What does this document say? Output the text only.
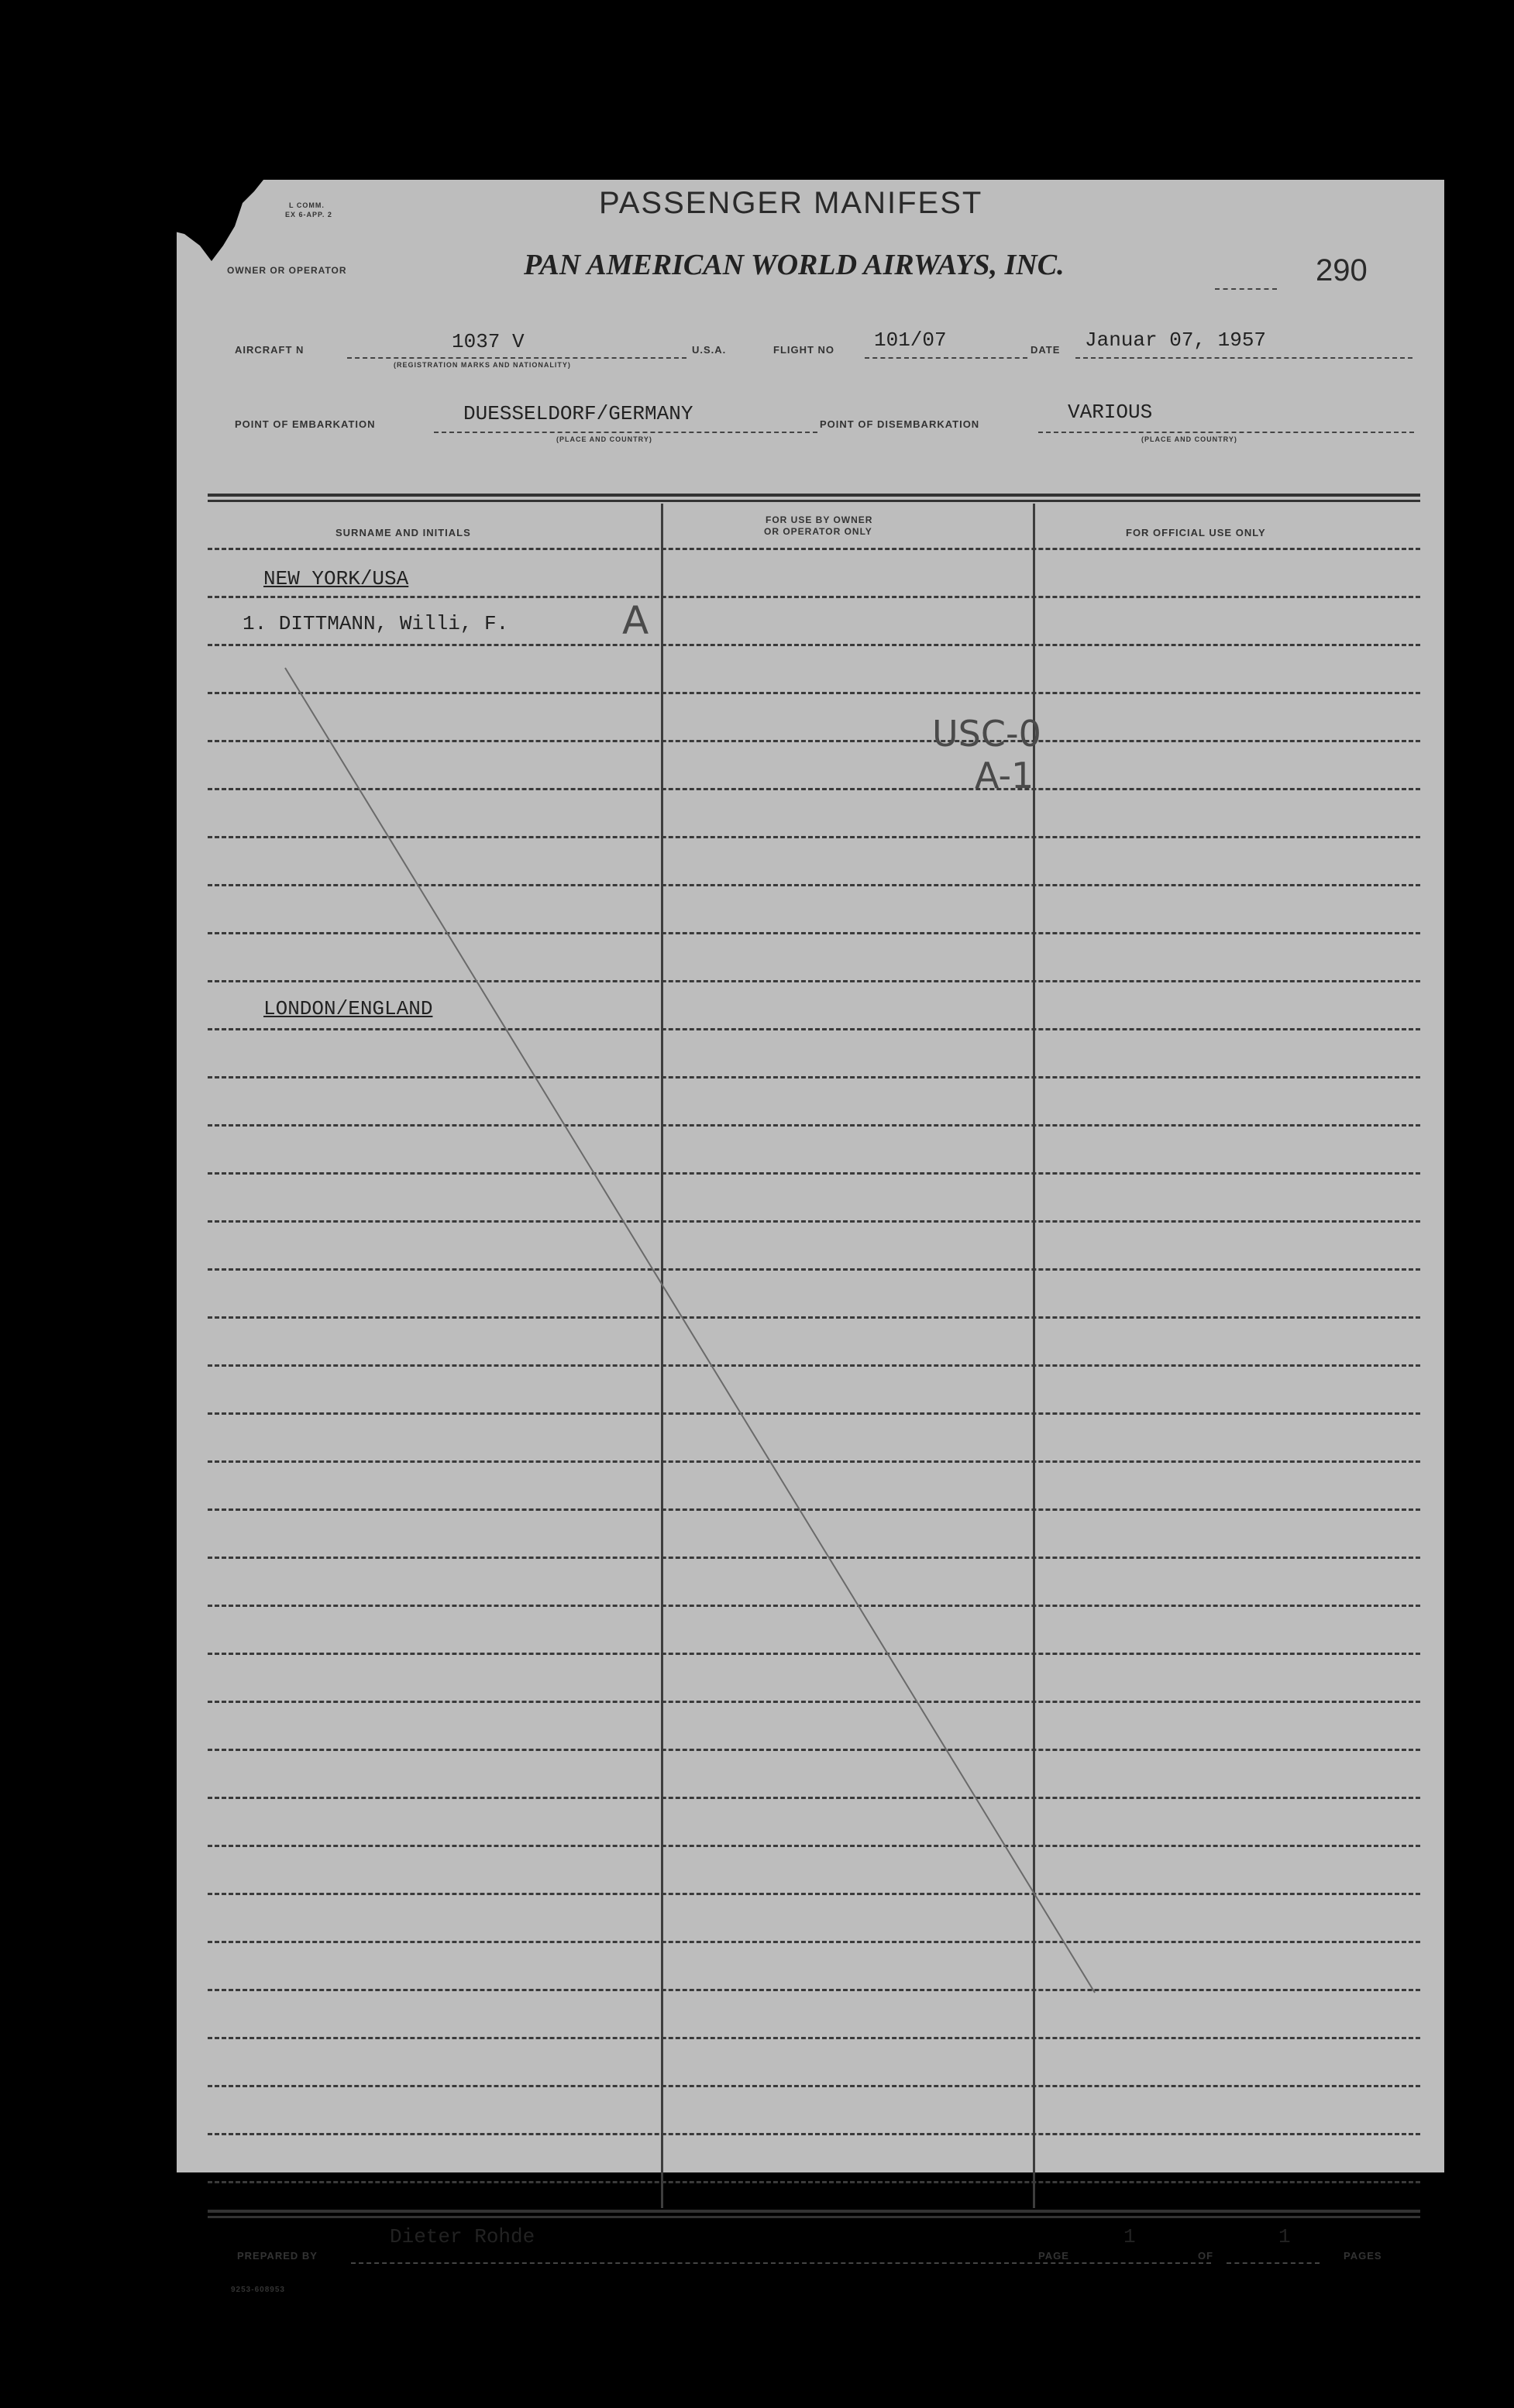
L COMM.
EX 6-APP. 2
OWNER OR OPERATOR
PASSENGER MANIFEST
PAN AMERICAN WORLD AIRWAYS, INC.	290
AIRCRAFT N	1037 V
(REGISTRATION MARKS AND NATIONALITY)
U.S.A.	FLIGHT NO 101/07	DATE Januar 07, 1957
POINT OF EMBARKATION	DUESSELDORF/GERMANY
(PLACE AND COUNTRY)
POINT OF DISEMBARKATION
VARIOUS
(PLACE AND COUNTRY)
SURNAME AND INITIALS
FOR USE BY OWNER
OR OPERATOR ONLY	FOR OFFICIAL USE ONLY
NEW YORK/USA
1. DITTMANN, Willi, F.	A
LONDON/ENGLAND
USC-0
A-1
PREPARED BY
Dieter Rohde
PAGE
1
OF
1
PAGES
9253-608953
